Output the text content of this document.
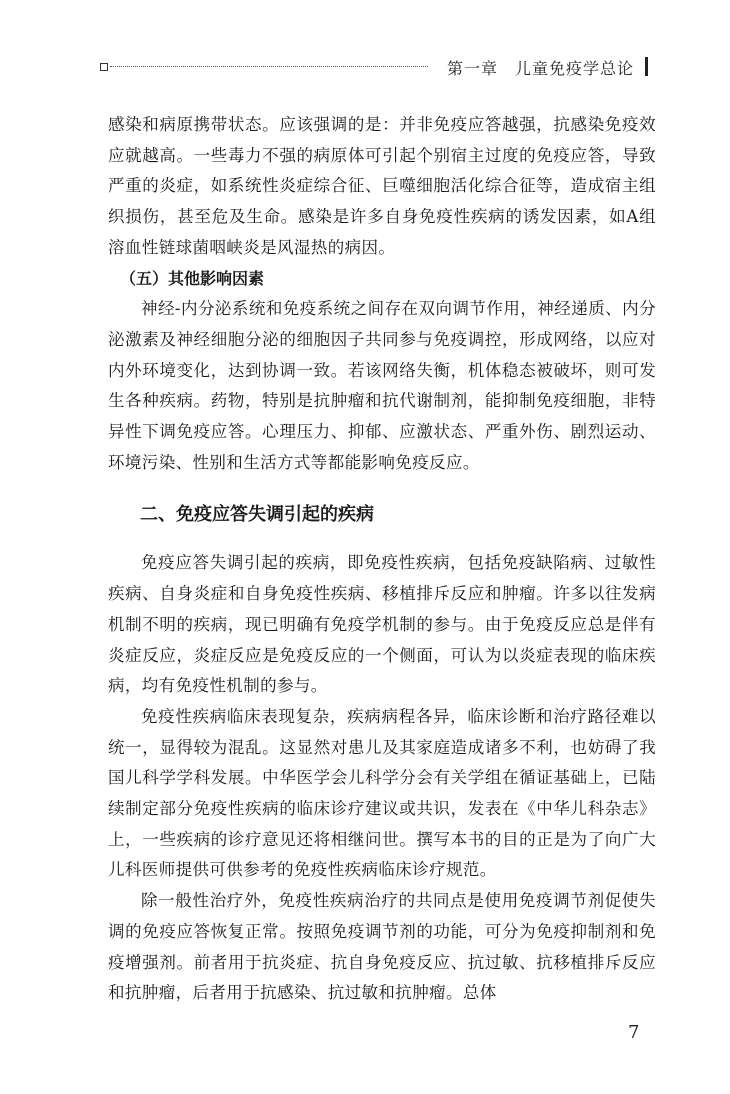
第一章　儿童免疫学总论

感染和病原携带状态。应该强调的是：并非免疫应答越强，抗感染免疫效应就越高。一些毒力不强的病原体可引起个别宿主过度的免疫应答，导致严重的炎症，如系统性炎症综合征、巨噬细胞活化综合征等，造成宿主组织损伤，甚至危及生命。感染是许多自身免疫性疾病的诱发因素，如A组溶血性链球菌咽峡炎是风湿热的病因。

（五）其他影响因素

神经-内分泌系统和免疫系统之间存在双向调节作用，神经递质、内分泌激素及神经细胞分泌的细胞因子共同参与免疫调控，形成网络，以应对内外环境变化，达到协调一致。若该网络失衡，机体稳态被破坏，则可发生各种疾病。药物，特别是抗肿瘤和抗代谢制剂，能抑制免疫细胞，非特异性下调免疫应答。心理压力、抑郁、应激状态、严重外伤、剧烈运动、环境污染、性别和生活方式等都能影响免疫反应。

二、免疫应答失调引起的疾病

免疫应答失调引起的疾病，即免疫性疾病，包括免疫缺陷病、过敏性疾病、自身炎症和自身免疫性疾病、移植排斥反应和肿瘤。许多以往发病机制不明的疾病，现已明确有免疫学机制的参与。由于免疫反应总是伴有炎症反应，炎症反应是免疫反应的一个侧面，可认为以炎症表现的临床疾病，均有免疫性机制的参与。

免疫性疾病临床表现复杂，疾病病程各异，临床诊断和治疗路径难以统一，显得较为混乱。这显然对患儿及其家庭造成诸多不利，也妨碍了我国儿科学学科发展。中华医学会儿科学分会有关学组在循证基础上，已陆续制定部分免疫性疾病的临床诊疗建议或共识，发表在《中华儿科杂志》上，一些疾病的诊疗意见还将相继问世。撰写本书的目的正是为了向广大儿科医师提供可供参考的免疫性疾病临床诊疗规范。

除一般性治疗外，免疫性疾病治疗的共同点是使用免疫调节剂促使失调的免疫应答恢复正常。按照免疫调节剂的功能，可分为免疫抑制剂和免疫增强剂。前者用于抗炎症、抗自身免疫反应、抗过敏、抗移植排斥反应和抗肿瘤，后者用于抗感染、抗过敏和抗肿瘤。总体

7
